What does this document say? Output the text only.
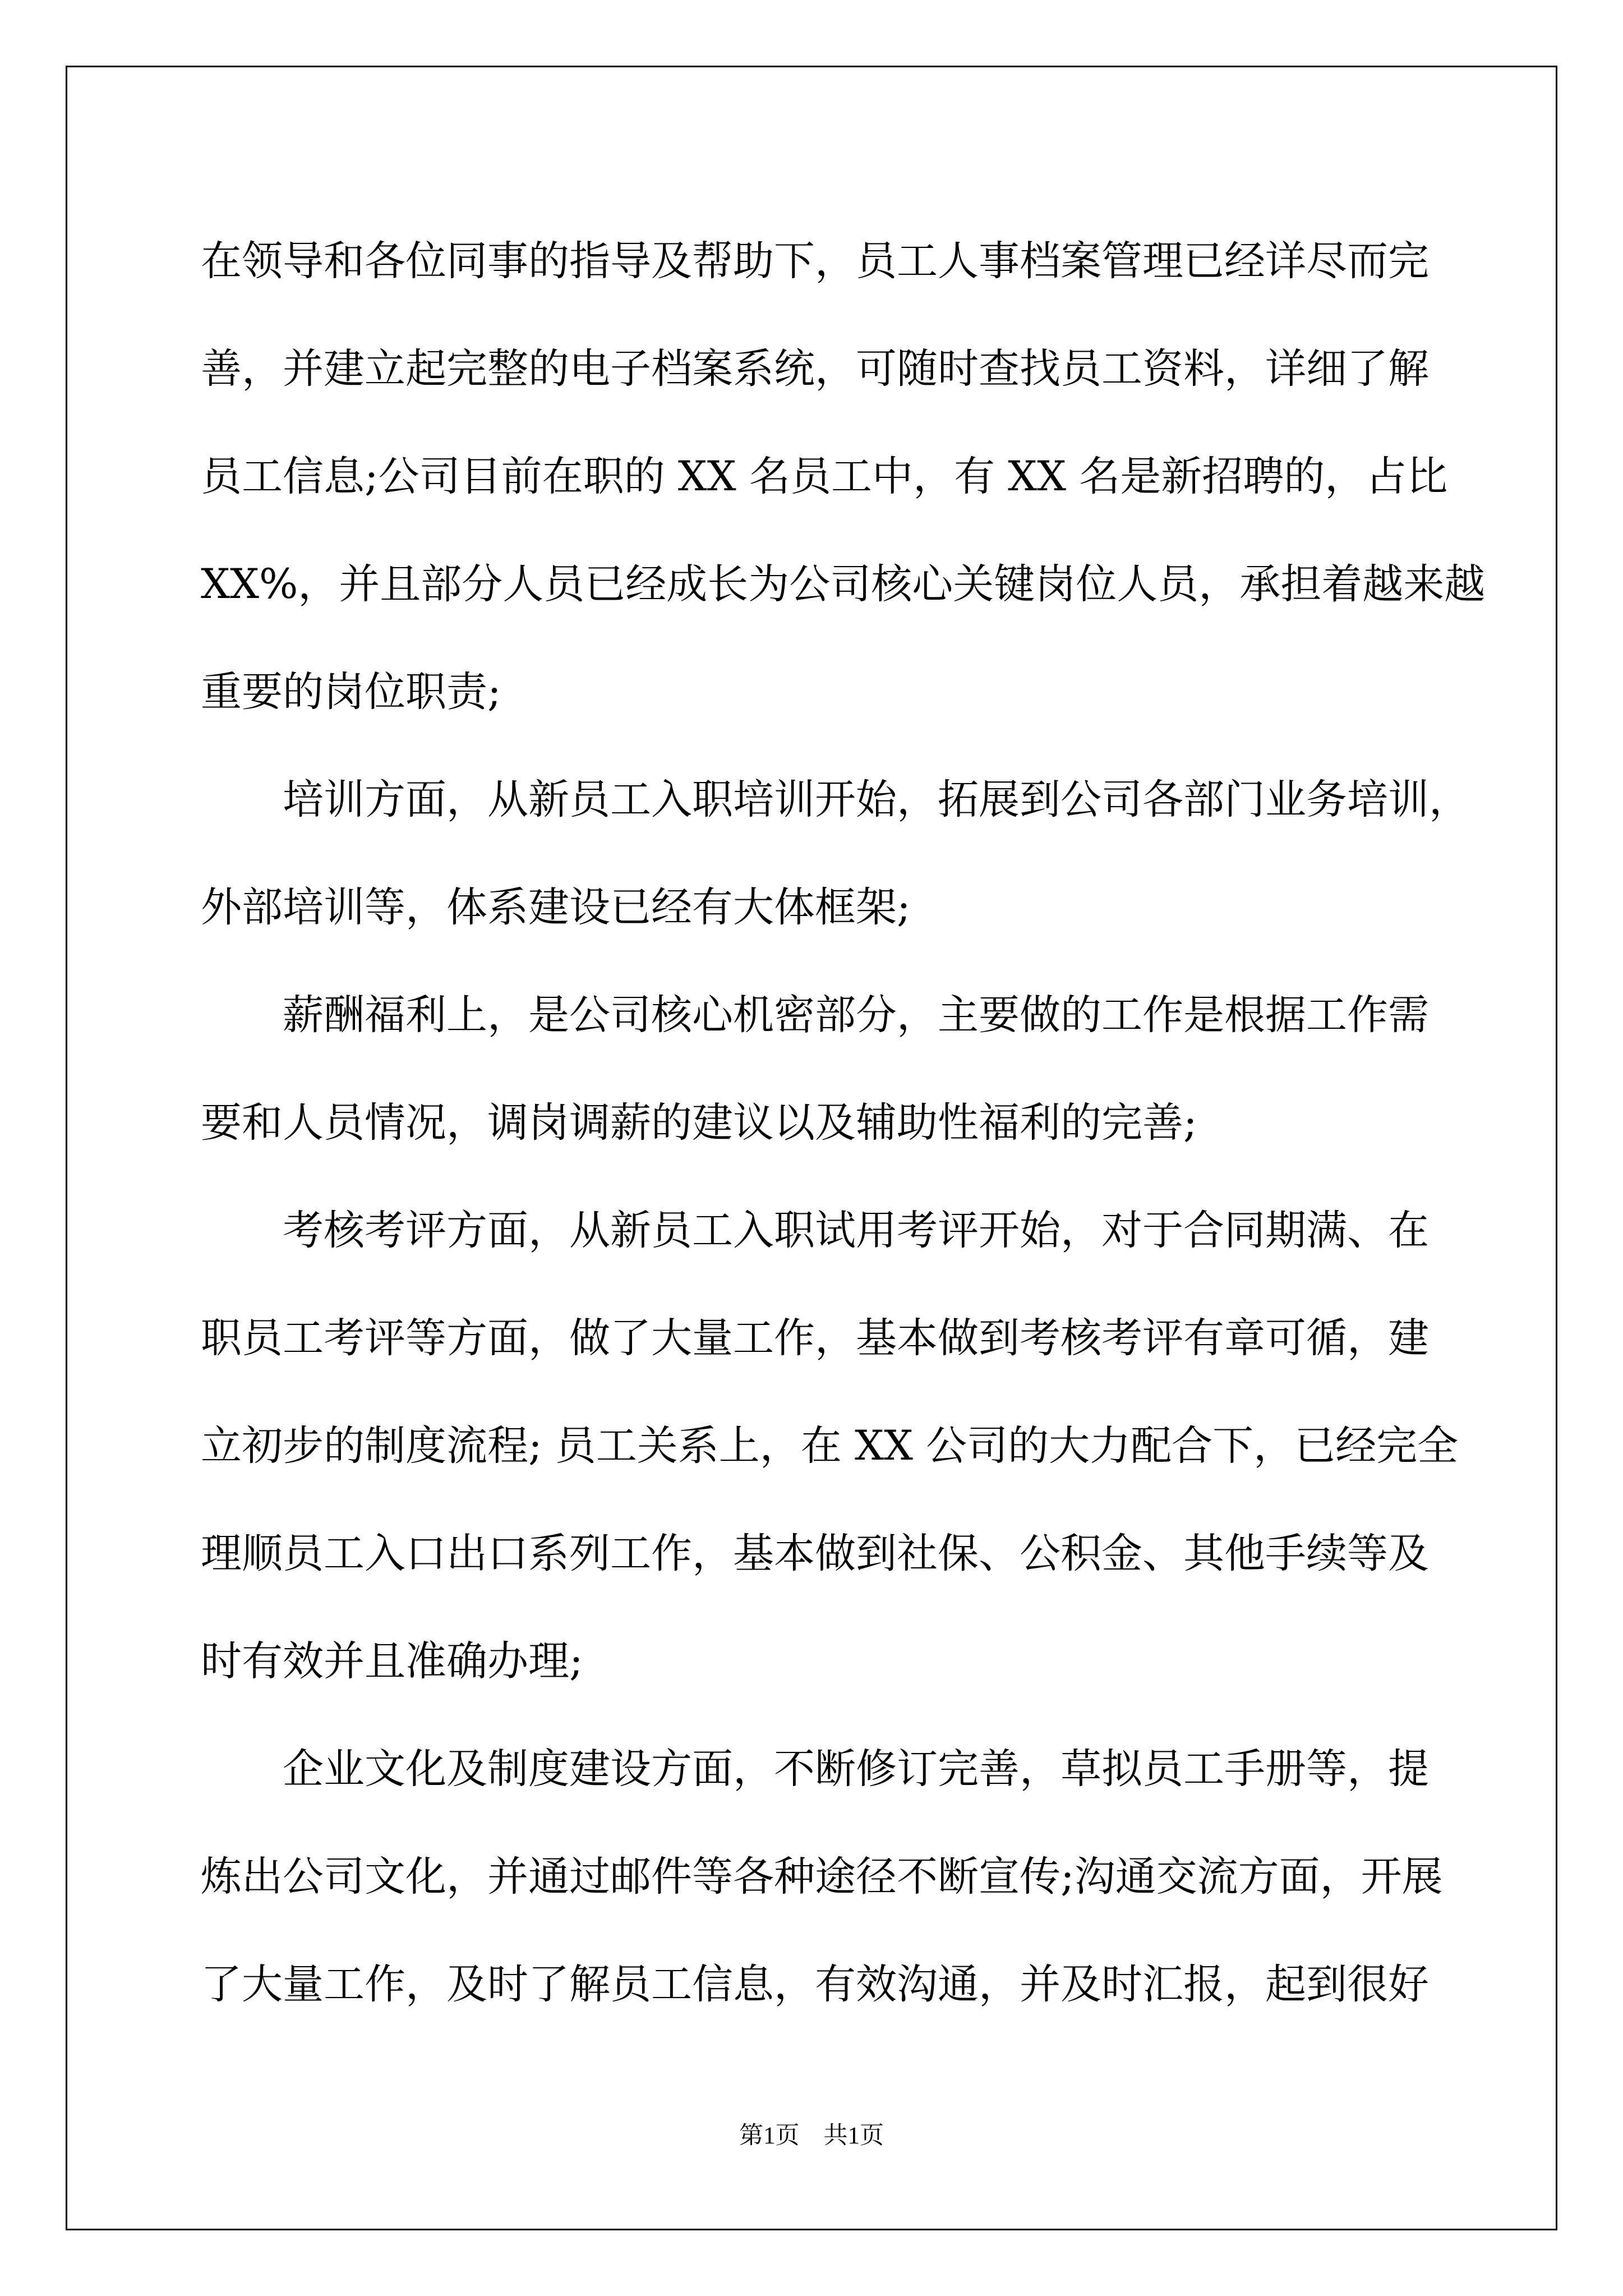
在领导和各位同事的指导及帮助下，员工人事档案管理已经详尽而完

善，并建立起完整的电子档案系统，可随时查找员工资料，详细了解

员工信息;公司目前在职的 XX 名员工中，有 XX 名是新招聘的，占比

XX%，并且部分人员已经成长为公司核心关键岗位人员，承担着越来越

重要的岗位职责;

培训方面，从新员工入职培训开始，拓展到公司各部门业务培训，

外部培训等，体系建设已经有大体框架;

薪酬福利上，是公司核心机密部分，主要做的工作是根据工作需

要和人员情况，调岗调薪的建议以及辅助性福利的完善;

考核考评方面，从新员工入职试用考评开始，对于合同期满、在

职员工考评等方面，做了大量工作，基本做到考核考评有章可循，建

立初步的制度流程; 员工关系上，在 XX 公司的大力配合下，已经完全

理顺员工入口出口系列工作，基本做到社保、公积金、其他手续等及

时有效并且准确办理;

企业文化及制度建设方面，不断修订完善，草拟员工手册等，提

炼出公司文化，并通过邮件等各种途径不断宣传;沟通交流方面，开展

了大量工作，及时了解员工信息，有效沟通，并及时汇报，起到很好

第1页　共1页
